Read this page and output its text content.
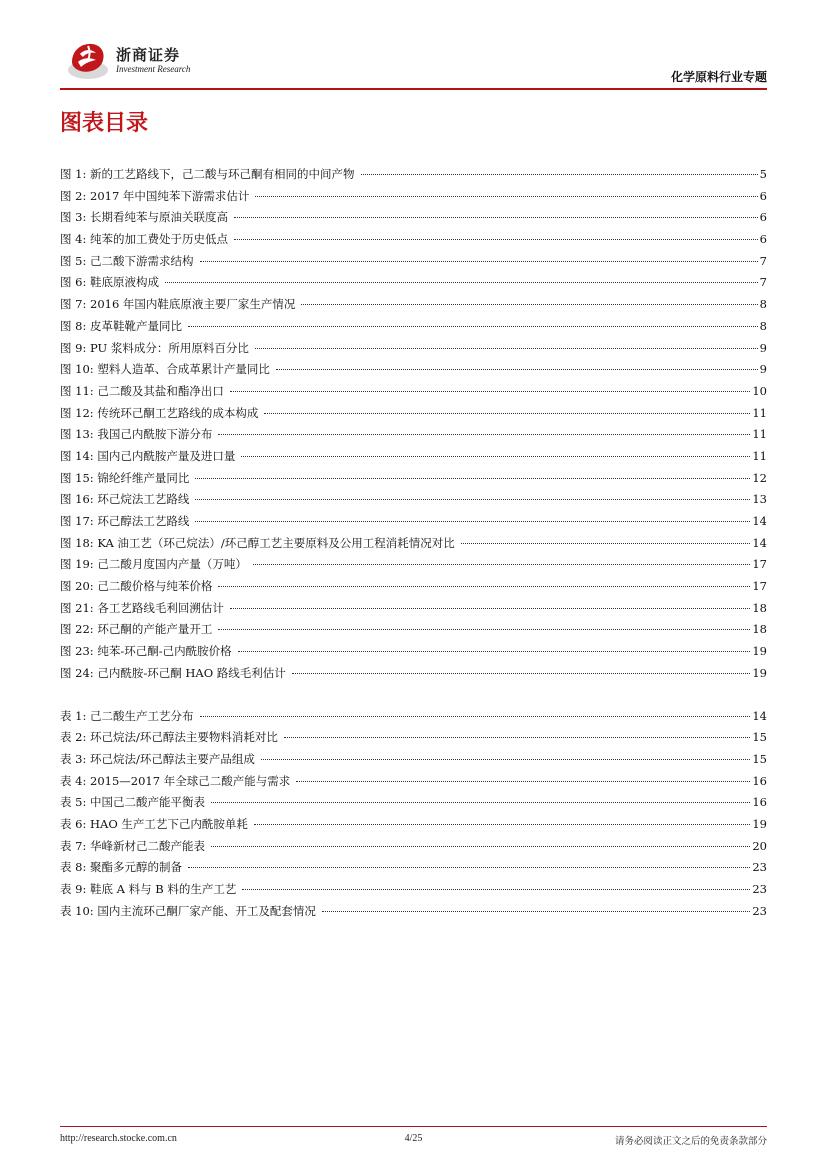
浙商证券
Investment Research
化学原料行业专题
图表目录
图 1: 新的工艺路线下，己二酸与环己酮有相同的中间产物	5
图 2: 2017 年中国纯苯下游需求估计	6
图 3: 长期看纯苯与原油关联度高	6
图 4: 纯苯的加工费处于历史低点	6
图 5: 己二酸下游需求结构	7
图 6: 鞋底原液构成	7
图 7: 2016 年国内鞋底原液主要厂家生产情况	8
图 8: 皮革鞋靴产量同比	8
图 9: PU 浆料成分：所用原料百分比	9
图 10: 塑料人造革、合成革累计产量同比	9
图 11: 己二酸及其盐和酯净出口	10
图 12: 传统环己酮工艺路线的成本构成	11
图 13: 我国己内酰胺下游分布	11
图 14: 国内己内酰胺产量及进口量	11
图 15: 锦纶纤维产量同比	12
图 16: 环己烷法工艺路线	13
图 17: 环己醇法工艺路线	14
图 18: KA 油工艺（环己烷法）/环己醇工艺主要原料及公用工程消耗情况对比	14
图 19: 己二酸月度国内产量（万吨）	17
图 20: 己二酸价格与纯苯价格	17
图 21: 各工艺路线毛利回溯估计	18
图 22: 环己酮的产能产量开工	18
图 23: 纯苯-环己酮-己内酰胺价格	19
图 24: 己内酰胺-环己酮 HAO 路线毛利估计	19
表 1: 己二酸生产工艺分布	14
表 2: 环己烷法/环己醇法主要物料消耗对比	15
表 3: 环己烷法/环己醇法主要产品组成	15
表 4: 2015—2017 年全球己二酸产能与需求	16
表 5: 中国己二酸产能平衡表	16
表 6: HAO 生产工艺下己内酰胺单耗	19
表 7: 华峰新材己二酸产能表	20
表 8: 聚酯多元醇的制备	23
表 9: 鞋底 A 料与 B 料的生产工艺	23
表 10: 国内主流环己酮厂家产能、开工及配套情况	23
http://research.stocke.com.cn	4/25	请务必阅读正文之后的免责条款部分
